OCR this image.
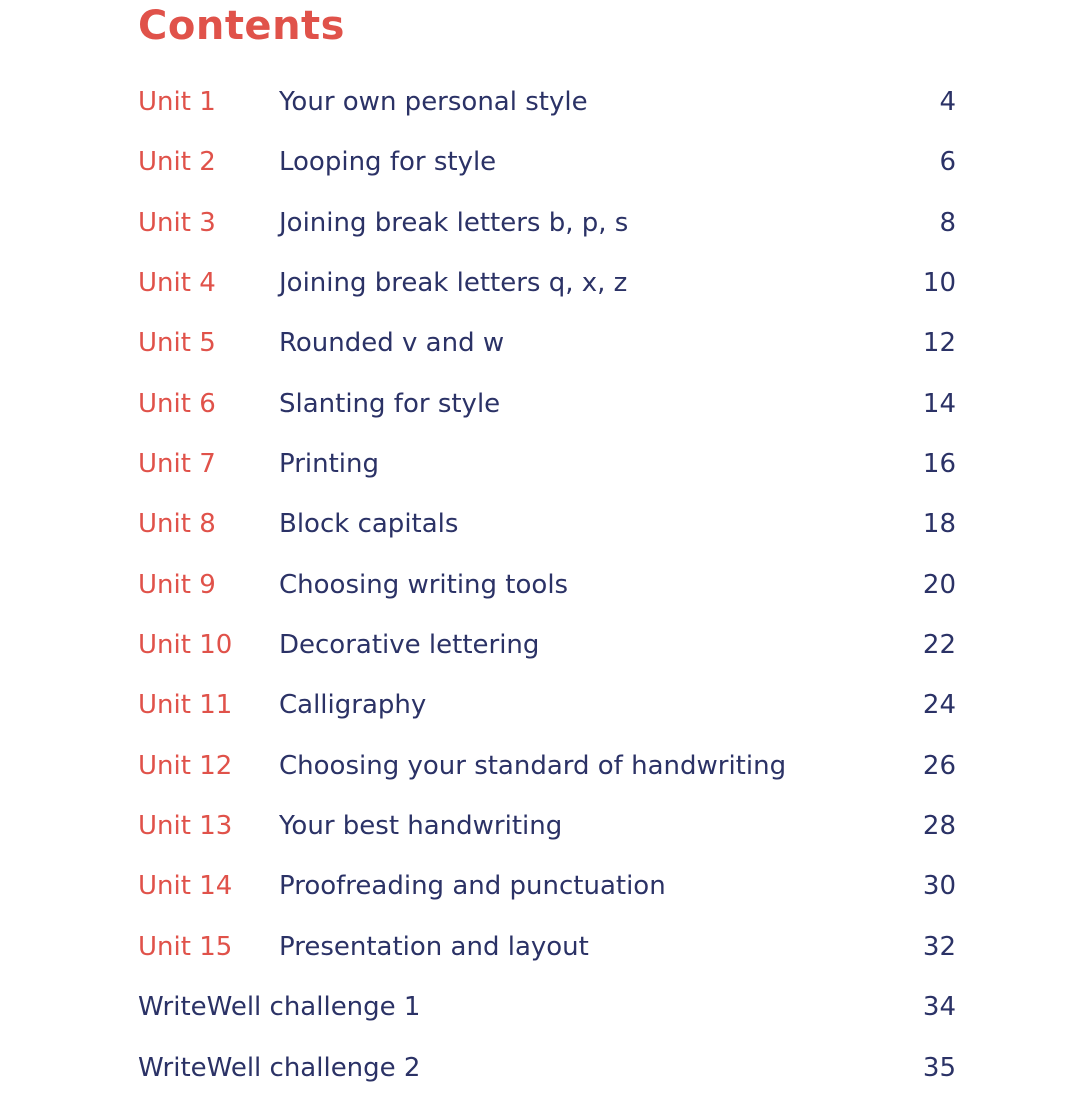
Contents
Unit 1 Your own personal style	4
Unit 2 Looping for style	6
Unit 3 Joining break letters b, p, s	8
Unit 4 Joining break letters q, x, z	10
Unit 5 Rounded v and w	12
Unit 6 Slanting for style	14
Unit 7 Printing	16
Unit 8 Block capitals	18
Unit 9 Choosing writing tools	20
Unit 10 Decorative lettering	22
Unit 11 Calligraphy	24
Unit 12 Choosing your standard of handwriting	26
Unit 13 Your best handwriting	28
Unit 14 Proofreading and punctuation	30
Unit 15 Presentation and layout	32
WriteWell challenge 1	34
WriteWell challenge 2	35
